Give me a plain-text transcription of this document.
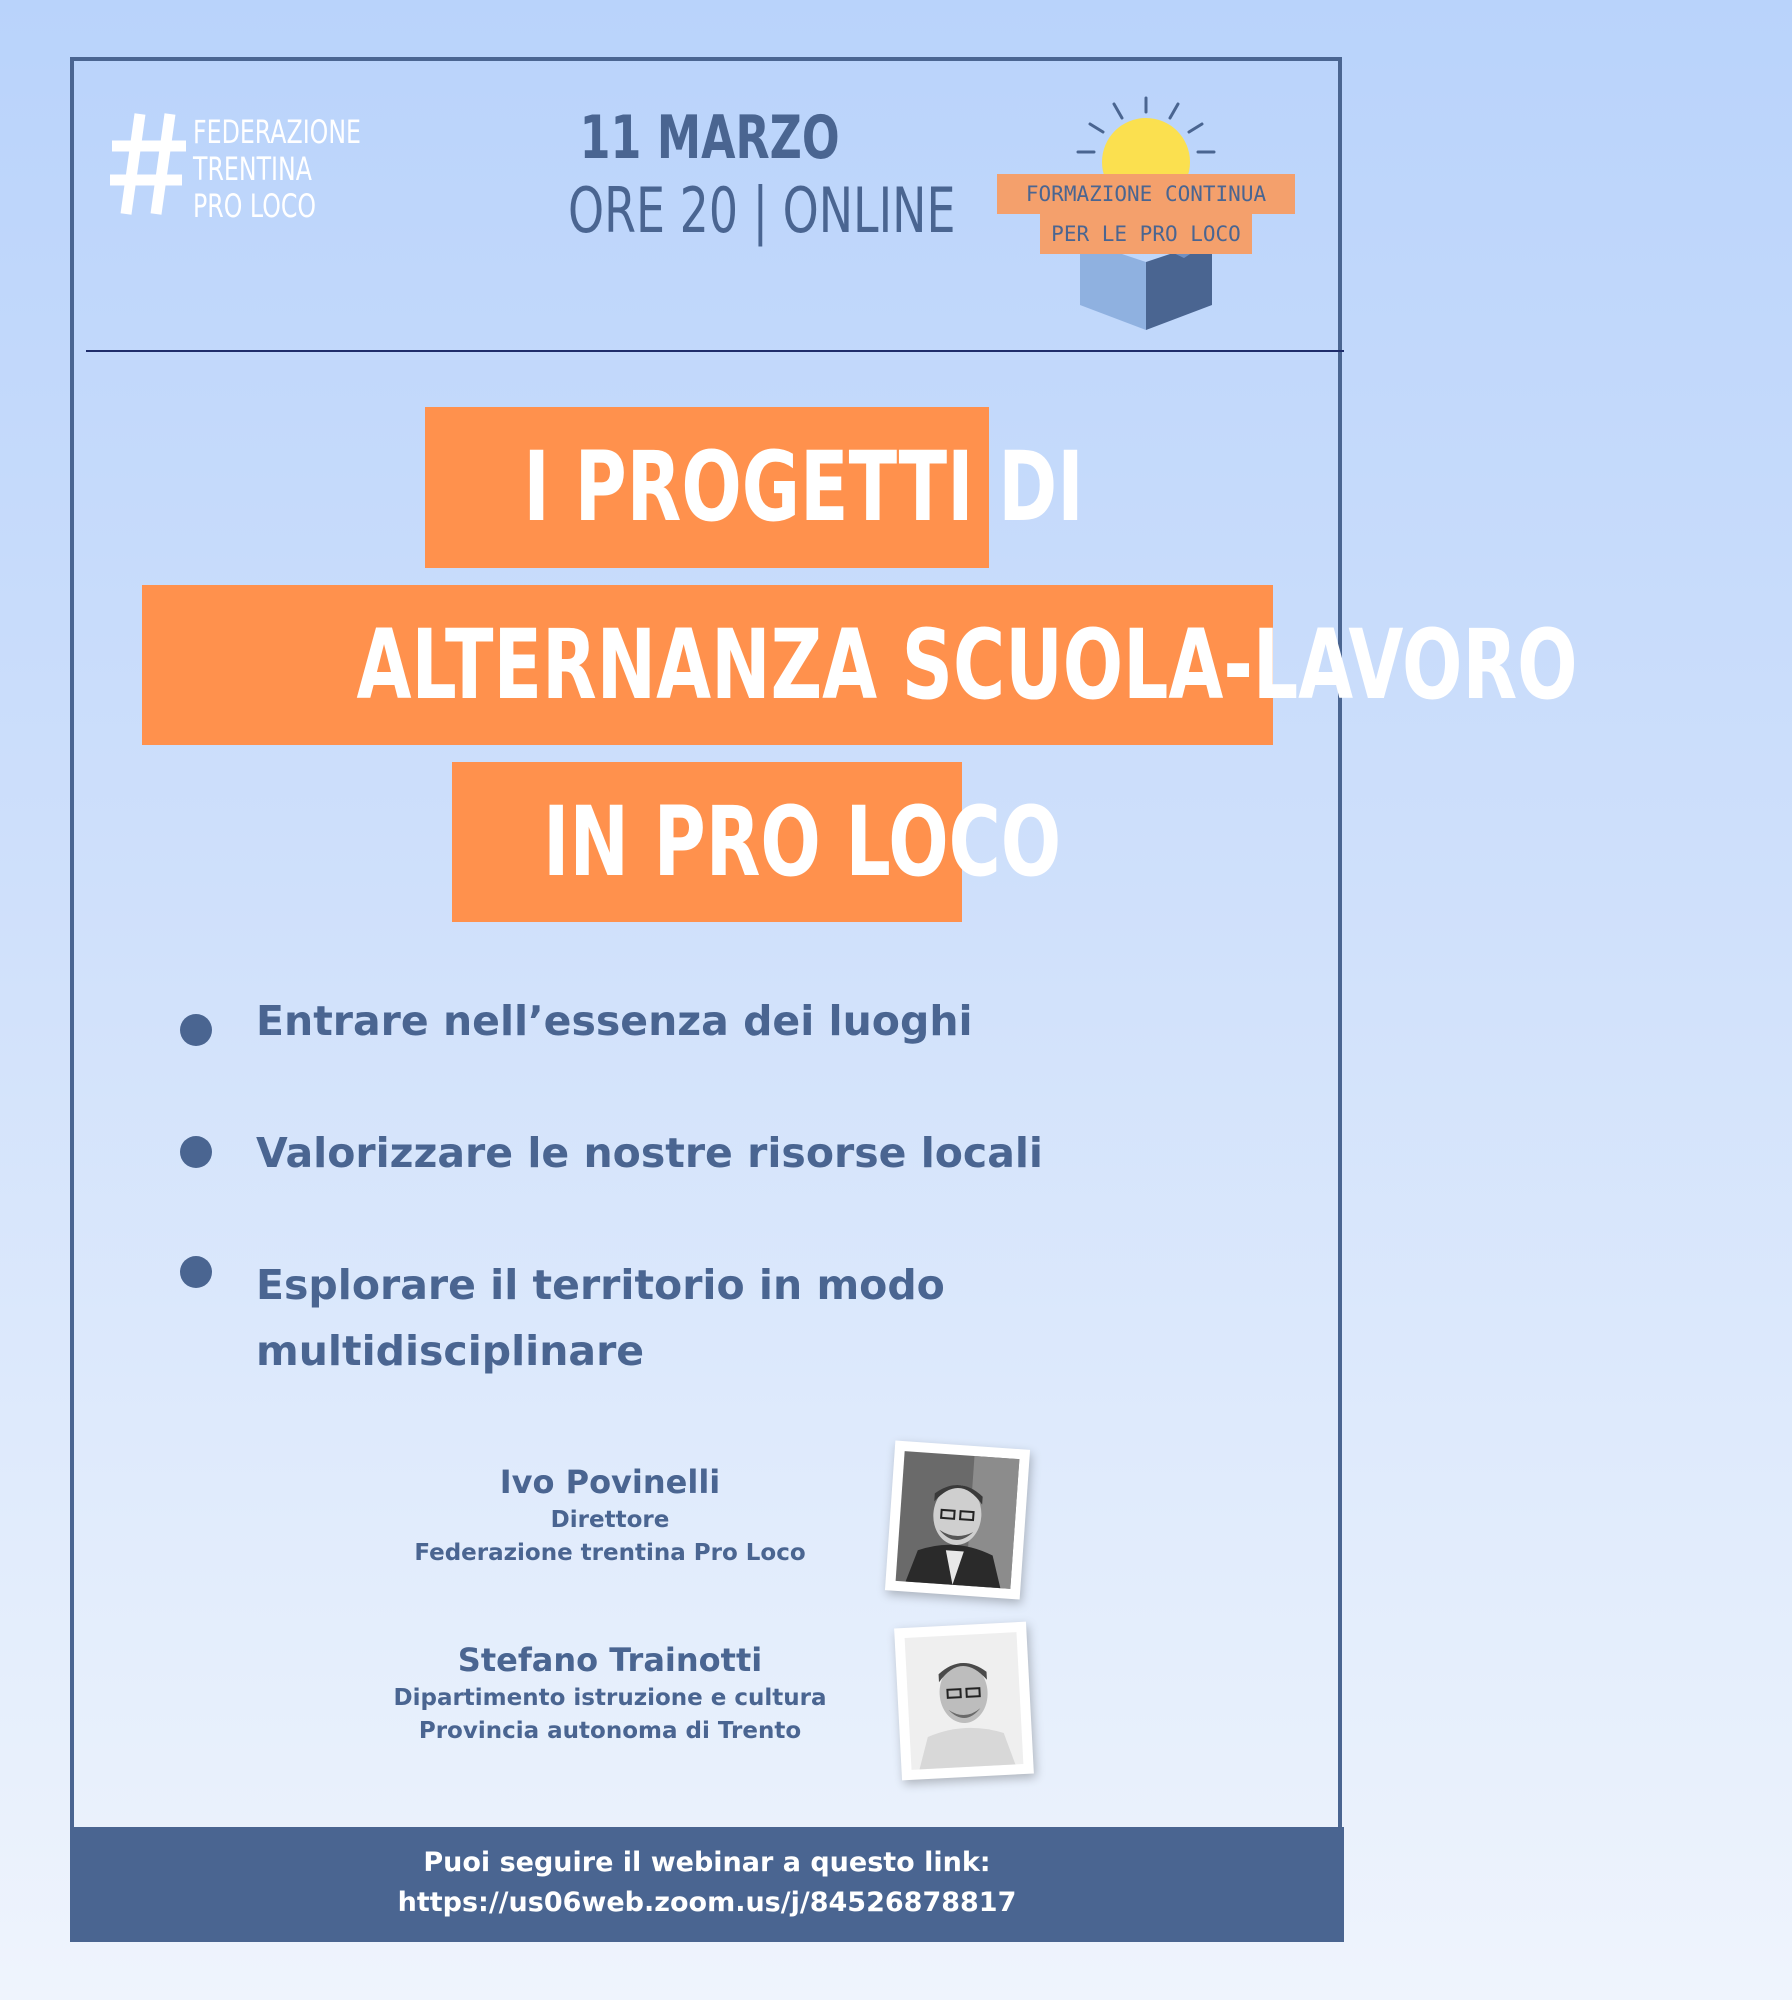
FEDERAZIONE
TRENTINA
PRO LOCO
11 MARZO
ORE 20 | ONLINE	FORMAZIONE CONTINUA
PER LE PRO LOCO
I PROGETTI DI
ALTERNANZA SCUOLA-LAVORO
IN PRO LOCO
Entrare nell’essenza dei luoghi
Valorizzare le nostre risorse locali
Esplorare il territorio in modo multidisciplinare
Ivo Povinelli
Direttore
Federazione trentina Pro Loco
Stefano Trainotti
Dipartimento istruzione e cultura
Provincia autonoma di Trento
Puoi seguire il webinar a questo link:
https://us06web.zoom.us/j/84526878817
